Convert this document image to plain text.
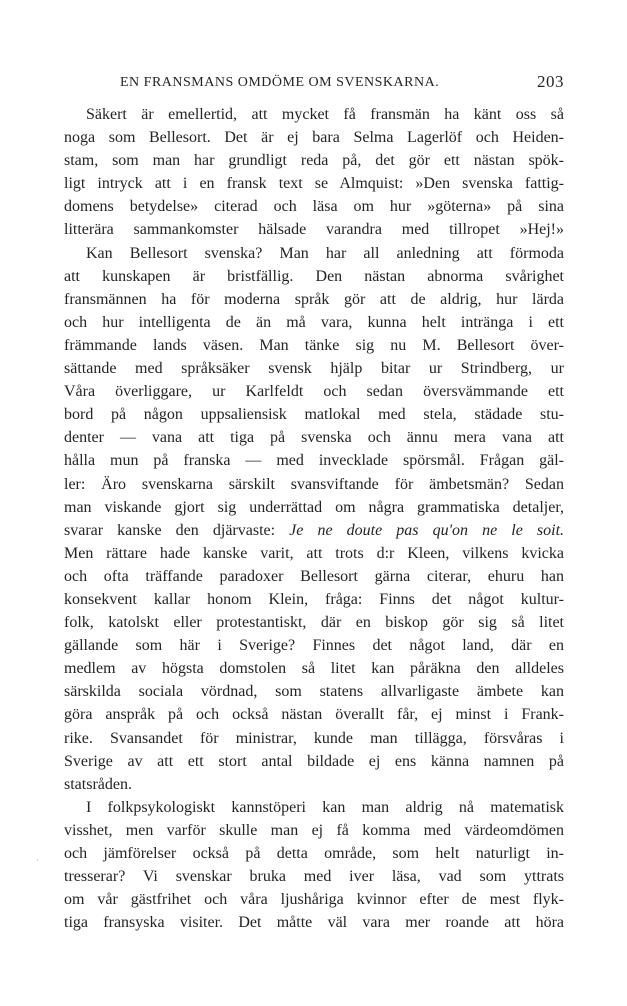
EN FRANSMANS OMDÖME OM SVENSKARNA.	203
Säkert är emellertid, att mycket få fransmän ha känt oss så
noga som Bellesort. Det är ej bara Selma Lagerlöf och Heiden-
stam, som man har grundligt reda på, det gör ett nästan spök-
ligt intryck att i en fransk text se Almquist: »Den svenska fattig-
domens betydelse» citerad och läsa om hur »göterna» på sina
litterära sammankomster hälsade varandra med tillropet »Hej!»
Kan Bellesort svenska? Man har all anledning att förmoda
att kunskapen är bristfällig. Den nästan abnorma svårighet
fransmännen ha för moderna språk gör att de aldrig, hur lärda
och hur intelligenta de än må vara, kunna helt intränga i ett
främmande lands väsen. Man tänke sig nu M. Bellesort över-
sättande med språksäker svensk hjälp bitar ur Strindberg, ur
Våra överliggare, ur Karlfeldt och sedan översvämmande ett
bord på någon uppsaliensisk matlokal med stela, städade stu-
denter — vana att tiga på svenska och ännu mera vana att
hålla mun på franska — med invecklade spörsmål. Frågan gäl-
ler: Äro svenskarna särskilt svansviftande för ämbetsmän? Sedan
man viskande gjort sig underrättad om några grammatiska detaljer,
svarar kanske den djärvaste: Je ne doute pas qu'on ne le soit.
Men rättare hade kanske varit, att trots d:r Kleen, vilkens kvicka
och ofta träffande paradoxer Bellesort gärna citerar, ehuru han
konsekvent kallar honom Klein, fråga: Finns det något kultur-
folk, katolskt eller protestantiskt, där en biskop gör sig så litet
gällande som här i Sverige? Finnes det något land, där en
medlem av högsta domstolen så litet kan påräkna den alldeles
särskilda sociala vördnad, som statens allvarligaste ämbete kan
göra anspråk på och också nästan överallt får, ej minst i Frank-
rike. Svansandet för ministrar, kunde man tillägga, försvåras i
Sverige av att ett stort antal bildade ej ens känna namnen på
statsråden.
I folkpsykologiskt kannstöperi kan man aldrig nå matematisk
visshet, men varför skulle man ej få komma med värdeomdömen
och jämförelser också på detta område, som helt naturligt in-
tresserar? Vi svenskar bruka med iver läsa, vad som yttrats
om vår gästfrihet och våra ljushåriga kvinnor efter de mest flyk-
tiga fransyska visiter. Det måtte väl vara mer roande att höra
·
